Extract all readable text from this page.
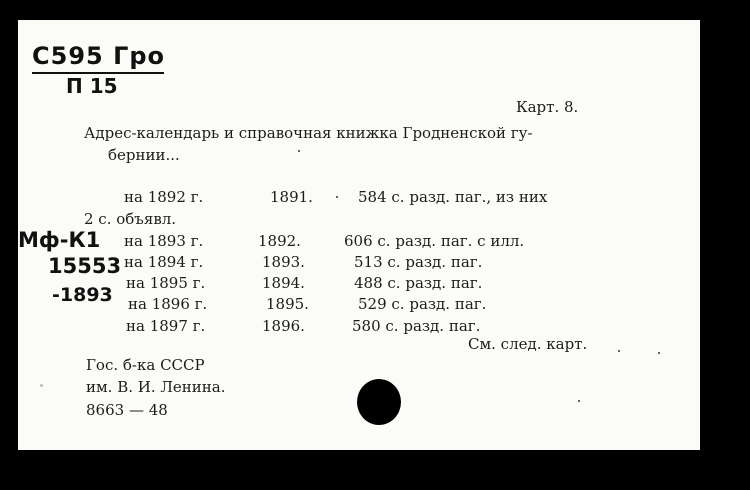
С595 Гро
П 15
Мф-К1
15553
-1893
Карт. 8.
Адрес-календарь и справочная книжка Гродненской гу-
бернии...
на 1892 г.	1891.	584 с. разд. паг., из них
2 с. объявл.
на 1893 г.	1892.	606 с. разд. паг. с илл.
на 1894 г.	1893.	513 с. разд. паг.
на 1895 г.	1894.	488 с. разд. паг.
на 1896 г.	1895.	529 с. разд. паг.
на 1897 г.	1896.	580 с. разд. паг.
См. след. карт.
Гос. б-ка СССР
им. В. И. Ленина.
8663 — 48
